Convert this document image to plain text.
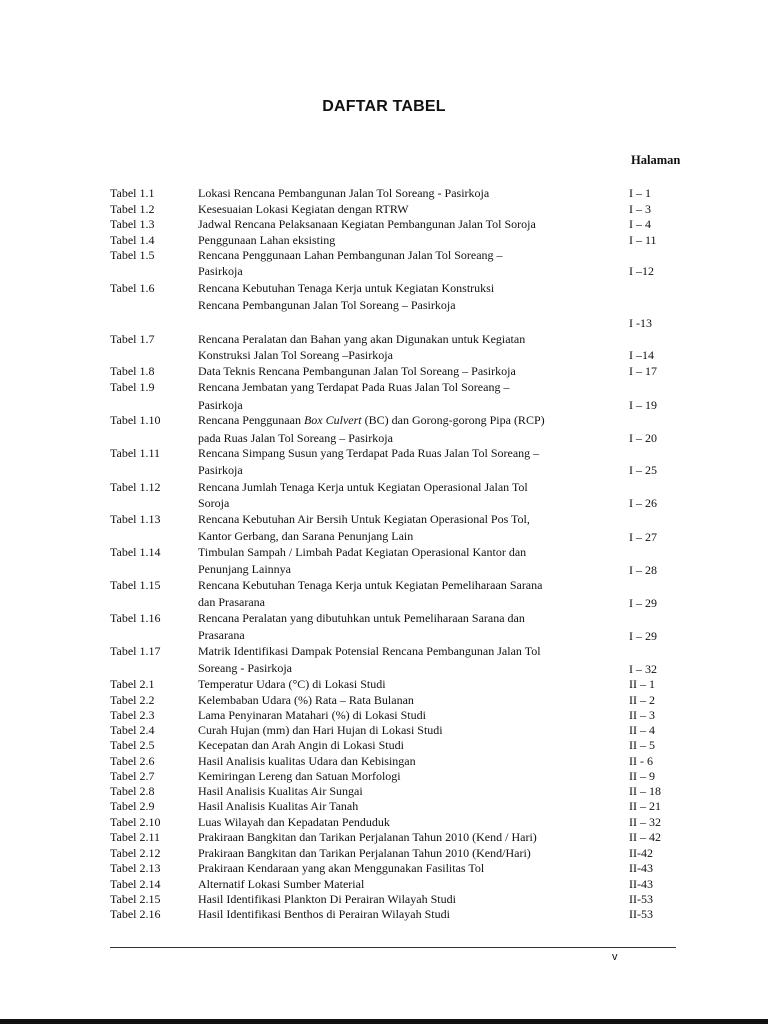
DAFTAR TABEL
Halaman
Tabel 1.1	Lokasi Rencana Pembangunan Jalan Tol Soreang - Pasirkoja	I – 1
Tabel 1.2	Kesesuaian Lokasi Kegiatan dengan RTRW	I – 3
Tabel 1.3	Jadwal Rencana Pelaksanaan Kegiatan Pembangunan Jalan Tol Soroja	I – 4
Tabel 1.4	Penggunaan Lahan eksisting	I – 11
Tabel 1.5	Rencana Penggunaan Lahan Pembangunan Jalan Tol Soreang –
Pasirkoja	I –12
Tabel 1.6	Rencana Kebutuhan Tenaga Kerja untuk Kegiatan Konstruksi
Rencana Pembangunan Jalan Tol Soreang – Pasirkoja
I -13
Tabel 1.7	Rencana Peralatan dan Bahan yang akan Digunakan untuk Kegiatan
Konstruksi Jalan Tol Soreang –Pasirkoja	I –14
Tabel 1.8	Data Teknis Rencana Pembangunan Jalan Tol Soreang – Pasirkoja	I – 17
Tabel 1.9	Rencana Jembatan yang Terdapat Pada Ruas Jalan Tol Soreang –
Pasirkoja	I – 19
Tabel 1.10	Rencana Penggunaan Box Culvert (BC) dan Gorong-gorong Pipa (RCP)
pada Ruas Jalan Tol Soreang – Pasirkoja	I – 20
Tabel 1.11	Rencana Simpang Susun yang Terdapat Pada Ruas Jalan Tol Soreang –
Pasirkoja	I – 25
Tabel 1.12	Rencana Jumlah Tenaga Kerja untuk Kegiatan Operasional Jalan Tol
Soroja	I – 26
Tabel 1.13	Rencana Kebutuhan Air Bersih Untuk Kegiatan Operasional Pos Tol,
Kantor Gerbang, dan Sarana Penunjang Lain	I – 27
Tabel 1.14	Timbulan Sampah / Limbah Padat Kegiatan Operasional Kantor dan
Penunjang Lainnya	I – 28
Tabel 1.15	Rencana Kebutuhan Tenaga Kerja untuk Kegiatan Pemeliharaan Sarana
dan Prasarana	I – 29
Tabel 1.16	Rencana Peralatan yang dibutuhkan untuk Pemeliharaan Sarana dan
Prasarana	I – 29
Tabel 1.17	Matrik Identifikasi Dampak Potensial Rencana Pembangunan Jalan Tol
Soreang - Pasirkoja	I – 32
Tabel 2.1	Temperatur Udara (°C) di Lokasi Studi	II – 1
Tabel 2.2	Kelembaban Udara (%) Rata – Rata Bulanan	II – 2
Tabel 2.3	Lama Penyinaran Matahari (%) di Lokasi Studi	II – 3
Tabel 2.4	Curah Hujan (mm) dan Hari Hujan di Lokasi Studi	II – 4
Tabel 2.5	Kecepatan dan Arah Angin di Lokasi Studi	II – 5
Tabel 2.6	Hasil Analisis kualitas Udara dan Kebisingan	II - 6
Tabel 2.7	Kemiringan Lereng dan Satuan Morfologi	II – 9
Tabel 2.8	Hasil Analisis Kualitas Air Sungai	II – 18
Tabel 2.9	Hasil Analisis Kualitas Air Tanah	II – 21
Tabel 2.10	Luas Wilayah dan Kepadatan Penduduk	II – 32
Tabel 2.11	Prakiraan Bangkitan dan Tarikan Perjalanan Tahun 2010 (Kend / Hari)	II – 42
Tabel 2.12	Prakiraan Bangkitan dan Tarikan Perjalanan Tahun 2010 (Kend/Hari)	II-42
Tabel 2.13	Prakiraan Kendaraan yang akan Menggunakan Fasilitas Tol	II-43
Tabel 2.14	Alternatif Lokasi Sumber Material	II-43
Tabel 2.15	Hasil Identifikasi Plankton Di Perairan Wilayah Studi	II-53
Tabel 2.16	Hasil Identifikasi Benthos di Perairan Wilayah Studi	II-53
v
